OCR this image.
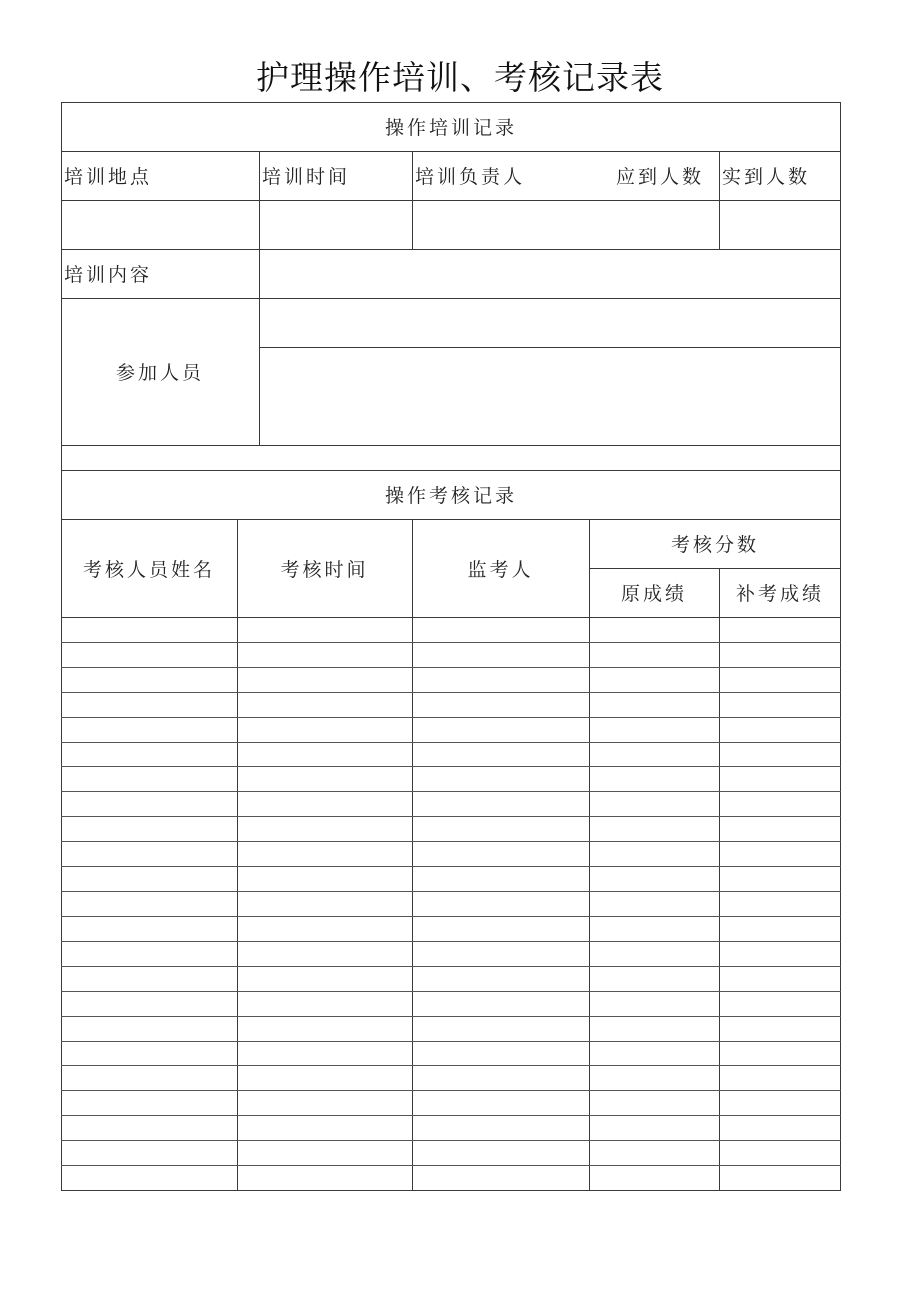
护理操作培训、考核记录表
操作培训记录
培训地点	培训时间	培训负责人	应到人数 实到人数
培训内容
参加人员
操作考核记录
考核人员姓名	考核时间	监考人
考核分数
原成绩	补考成绩
